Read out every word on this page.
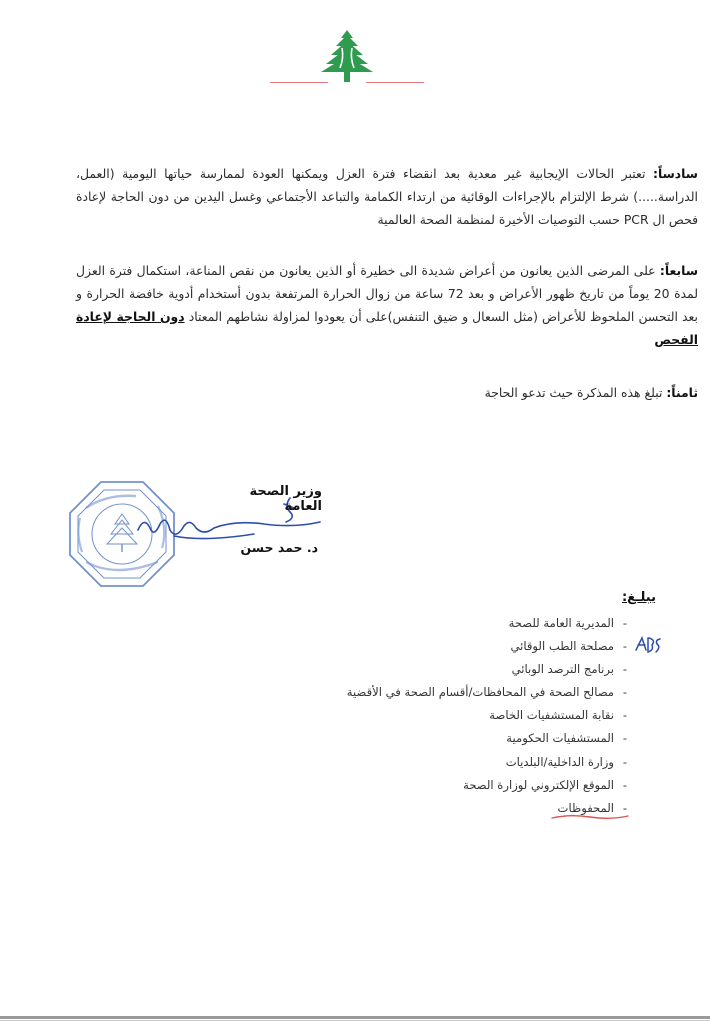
سادساً: تعتبر الحالات الإيجابية غير معدية بعد انقضاء فترة العزل ويمكنها العودة لممارسة حياتها اليومية (العمل، الدراسة.....) شرط الإلتزام بالإجراءات الوقائية من ارتداء الكمامة والتباعد الأجتماعي وغسل اليدين من دون الحاجة لإعادة فحص ال PCR حسب التوصيات الأخيرة لمنظمة الصحة العالمية
سابعاً: على المرضى الذين يعانون من أعراض شديدة الى خطيرة أو الذين يعانون من نقص المناعة، استكمال فترة العزل لمدة 20 يوماً من تاريخ ظهور الأعراض و بعد 72 ساعة من زوال الحرارة المرتفعة بدون أستخدام أدوية خافضة الحرارة و بعد التحسن الملحوظ للأعراض (مثل السعال و ضيق التنفس)على أن يعودوا لمزاولة نشاطهم المعتاد دون الحاجة لإعادة الفحص
ثامناً: تبلغ هذه المذكرة حيث تدعو الحاجة
وزير الصحة العامة
د. حمد حسن
يبلـغ:
-المديرية العامة للصحة
-مصلحة الطب الوقائي
-برنامج الترصد الوبائي
-مصالح الصحة في المحافظات/أقسام الصحة في الأقضية
-نقابة المستشفيات الخاصة
-المستشفيات الحكومية
-وزارة الداخلية/البلديات
-الموقع الإلكتروني لوزارة الصحة
-المحفوظات
